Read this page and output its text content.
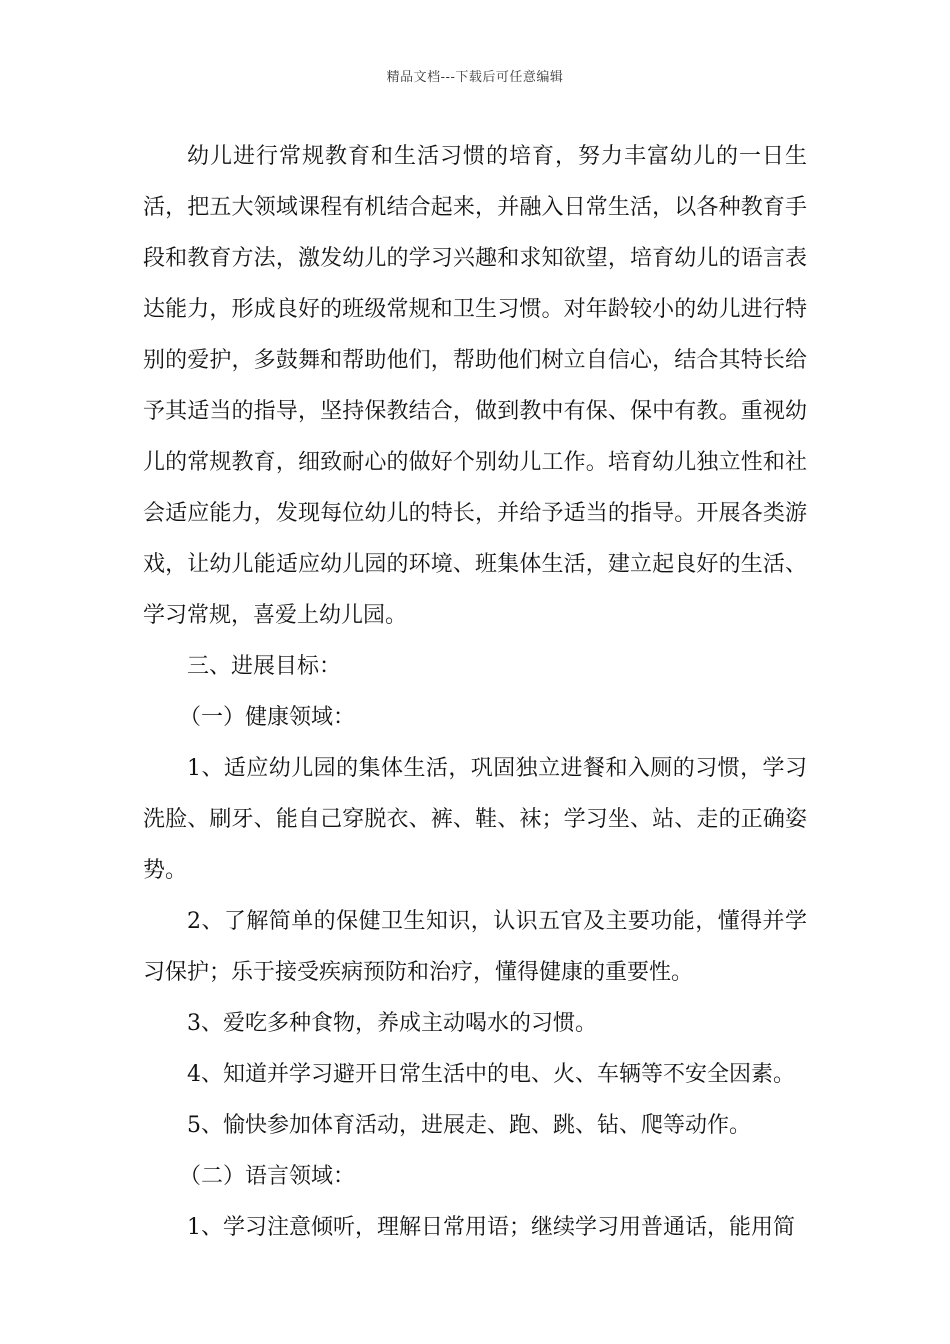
精品文档---下载后可任意编辑

幼儿进行常规教育和生活习惯的培育，努力丰富幼儿的一日生活，把五大领域课程有机结合起来，并融入日常生活，以各种教育手段和教育方法，激发幼儿的学习兴趣和求知欲望，培育幼儿的语言表达能力，形成良好的班级常规和卫生习惯。对年龄较小的幼儿进行特别的爱护，多鼓舞和帮助他们，帮助他们树立自信心，结合其特长给予其适当的指导，坚持保教结合，做到教中有保、保中有教。重视幼儿的常规教育，细致耐心的做好个别幼儿工作。培育幼儿独立性和社会适应能力，发现每位幼儿的特长，并给予适当的指导。开展各类游戏，让幼儿能适应幼儿园的环境、班集体生活，建立起良好的生活、学习常规，喜爱上幼儿园。

三、进展目标：

（一）健康领域：

1、适应幼儿园的集体生活，巩固独立进餐和入厕的习惯，学习洗脸、刷牙、能自己穿脱衣、裤、鞋、袜；学习坐、站、走的正确姿势。

2、了解简单的保健卫生知识，认识五官及主要功能，懂得并学习保护；乐于接受疾病预防和治疗，懂得健康的重要性。

3、爱吃多种食物，养成主动喝水的习惯。

4、知道并学习避开日常生活中的电、火、车辆等不安全因素。

5、愉快参加体育活动，进展走、跑、跳、钻、爬等动作。

（二）语言领域：

1、学习注意倾听，理解日常用语；继续学习用普通话，能用简
